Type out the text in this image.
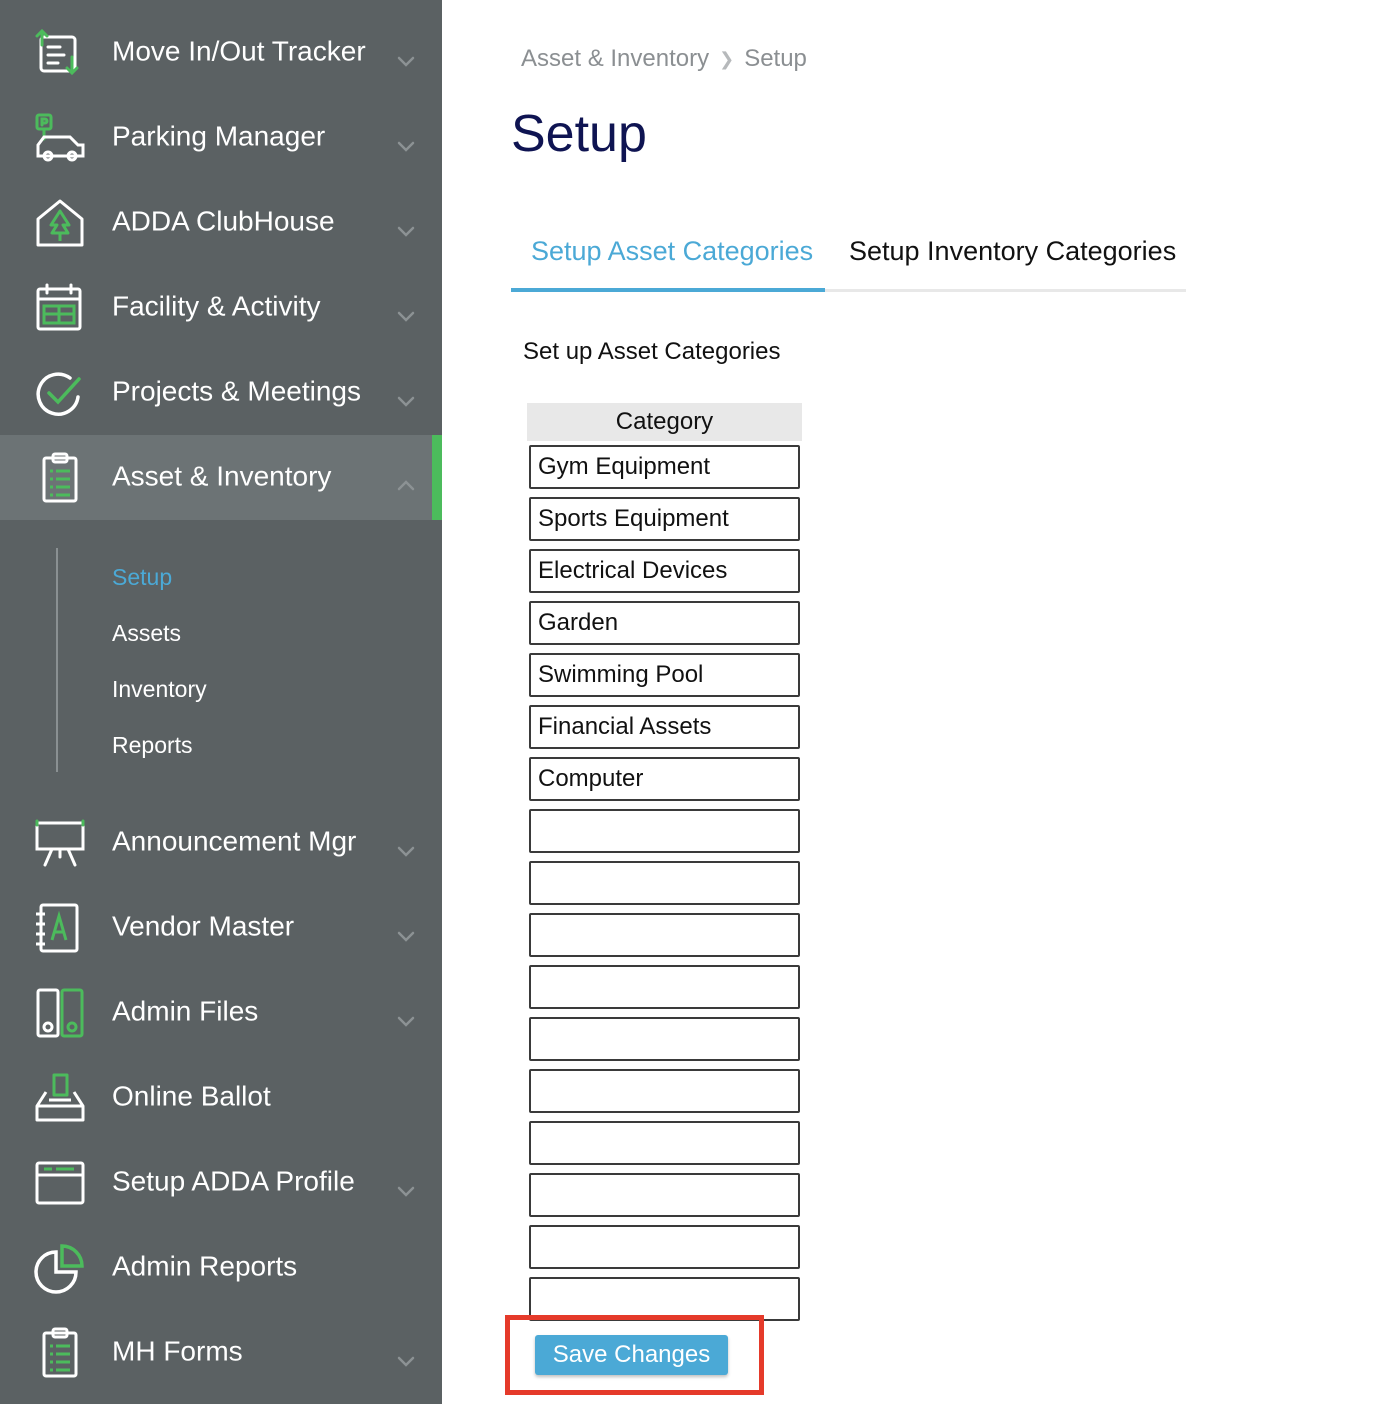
Move In/Out Tracker
Parking Manager
ADDA ClubHouse
Facility & Activity
Projects & Meetings
Asset & Inventory
Announcement Mgr
Vendor Master
Admin Files
Online Ballot
Setup ADDA Profile
Admin Reports
MH Forms
Setup
Assets
Inventory
Reports
Asset & Inventory ❯ Setup
Setup
Setup Asset Categories Setup Inventory Categories
Set up Asset Categories
Category
Gym Equipment
Sports Equipment
Electrical Devices
Garden
Swimming Pool
Financial Assets
Computer
Save Changes
